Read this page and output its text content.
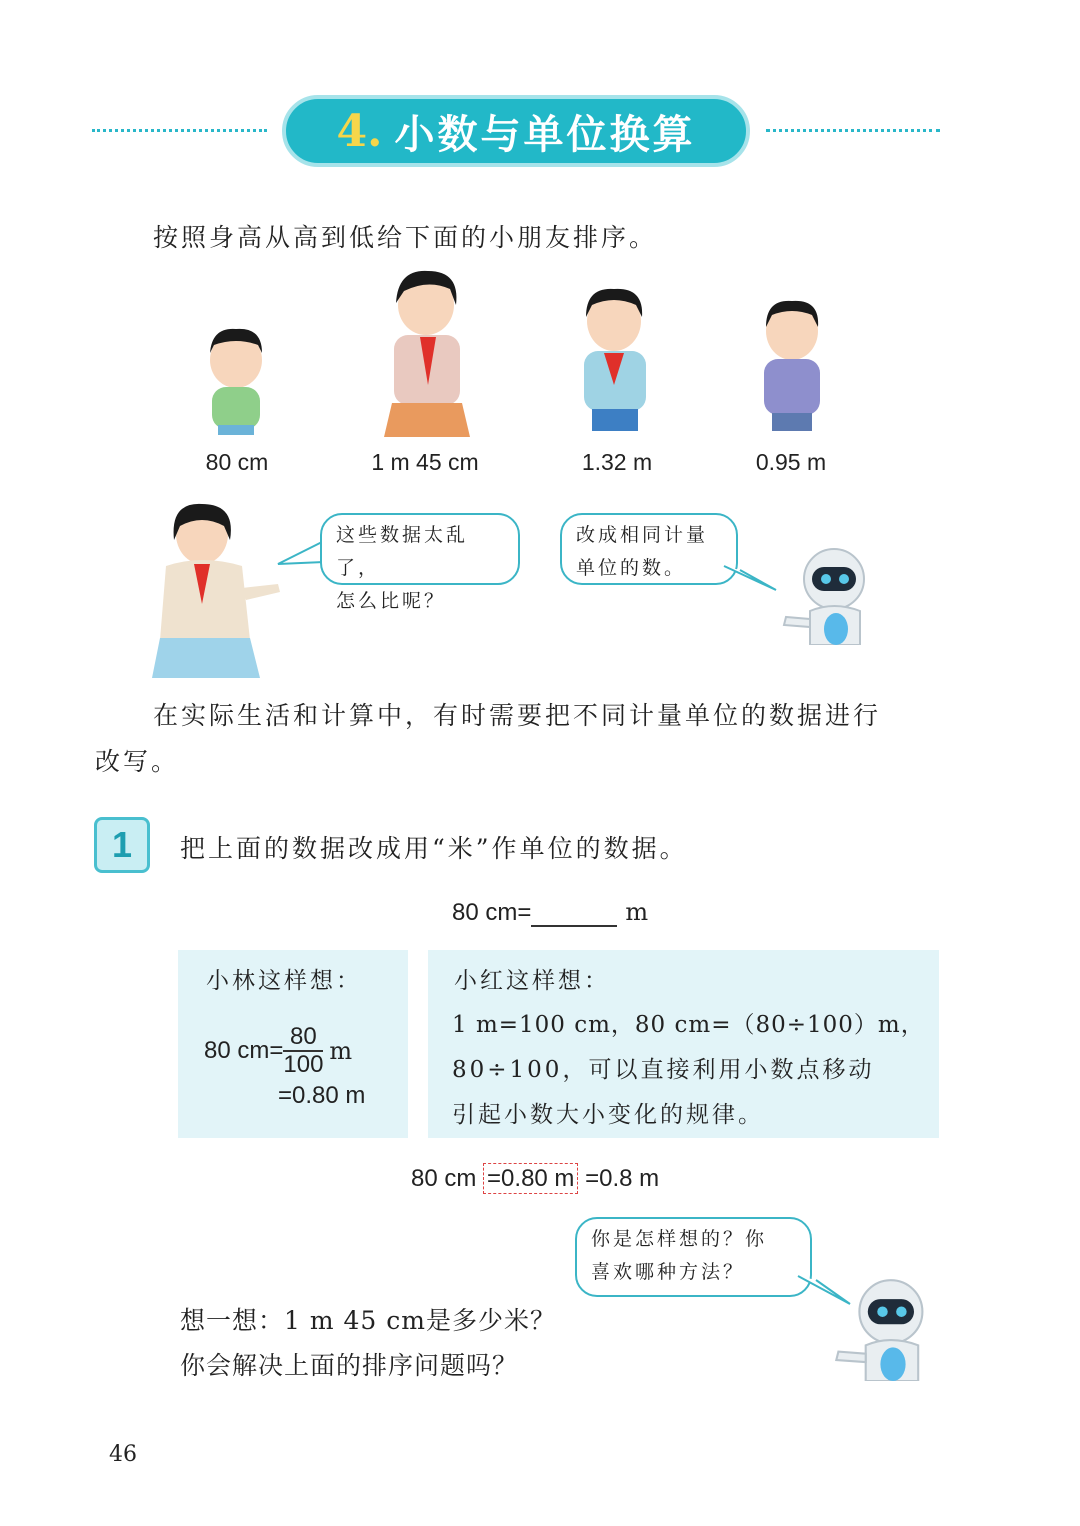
4. 小数与单位换算
按照身高从高到低给下面的小朋友排序。
80 cm	1 m 45 cm	1.32 m	0.95 m
这些数据太乱了，
怎么比呢？
改成相同计量
单位的数。
在实际生活和计算中，有时需要把不同计量单位的数据进行
改写。
1	把上面的数据改成用“米”作单位的数据。
80 cm=	m
小林这样想：
80 $cm= \frac{80}{100}$ m
=0.80 m
小红这样想：
1 m=100 cm，80 cm=（80÷100）m，
80÷100，可以直接利用小数点移动
引起小数大小变化的规律。
80 cm =0.80 m =0.8 m
你是怎样想的？你
喜欢哪种方法？
想一想：1 m 45 cm是多少米？
你会解决上面的排序问题吗？
46
